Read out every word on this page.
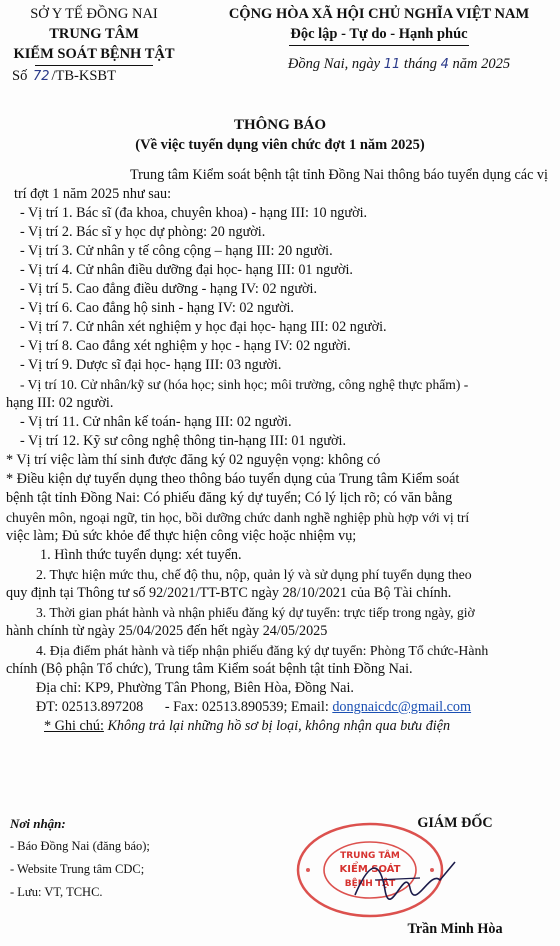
SỞ Y TẾ ĐỒNG NAI
TRUNG TÂM
KIỂM SOÁT BỆNH TẬT
Số 72 /TB-KSBT
CỘNG HÒA XÃ HỘI CHỦ NGHĨA VIỆT NAM
Độc lập - Tự do - Hạnh phúc
Đồng Nai, ngày 11 tháng 4 năm 2025
THÔNG BÁO
(Về việc tuyển dụng viên chức đợt 1 năm 2025)
Trung tâm Kiểm soát bệnh tật tỉnh Đồng Nai thông báo tuyển dụng các vị
trí đợt 1 năm 2025 như sau:
- Vị trí 1. Bác sĩ (đa khoa, chuyên khoa) - hạng III: 10 người.
- Vị trí 2. Bác sĩ y học dự phòng: 20 người.
- Vị trí 3. Cử nhân y tế công cộng – hạng III: 20 người.
- Vị trí 4. Cử nhân điều dưỡng đại học- hạng III: 01 người.
- Vị trí 5. Cao đẳng điều dưỡng - hạng IV: 02 người.
- Vị trí 6. Cao đẳng hộ sinh - hạng IV: 02 người.
- Vị trí 7. Cử nhân xét nghiệm y học đại học- hạng III: 02 người.
- Vị trí 8. Cao đẳng xét nghiệm y học - hạng IV: 02 người.
- Vị trí 9. Dược sĩ đại học- hạng III: 03 người.
- Vị trí 10. Cử nhân/kỹ sư (hóa học; sinh học; môi trường, công nghệ thực phẩm) -
hạng III: 02 người.
- Vị trí 11. Cử nhân kế toán- hạng III: 02 người.
- Vị trí 12. Kỹ sư công nghệ thông tin-hạng III: 01 người.
* Vị trí việc làm thí sinh được đăng ký 02 nguyện vọng: không có
* Điều kiện dự tuyển dụng theo thông báo tuyển dụng của Trung tâm Kiểm soát
bệnh tật tỉnh Đồng Nai: Có phiếu đăng ký dự tuyển; Có lý lịch rõ; có văn bằng
chuyên môn, ngoại ngữ, tin học, bồi dưỡng chức danh nghề nghiệp phù hợp với vị trí
việc làm; Đủ sức khỏe để thực hiện công việc hoặc nhiệm vụ;
1. Hình thức tuyển dụng: xét tuyển.
2. Thực hiện mức thu, chế độ thu, nộp, quản lý và sử dụng phí tuyển dụng theo
quy định tại Thông tư số 92/2021/TT-BTC ngày 28/10/2021 của Bộ Tài chính.
3. Thời gian phát hành và nhận phiếu đăng ký dự tuyển: trực tiếp trong ngày, giờ
hành chính từ ngày 25/04/2025 đến hết ngày 24/05/2025
4. Địa điểm phát hành và tiếp nhận phiếu đăng ký dự tuyển: Phòng Tổ chức-Hành
chính (Bộ phận Tổ chức), Trung tâm Kiểm soát bệnh tật tỉnh Đồng Nai.
Địa chỉ: KP9, Phường Tân Phong, Biên Hòa, Đồng Nai.
ĐT: 02513.897208 - Fax: 02513.890539; Email: dongnaicdc@gmail.com
* Ghi chú: Không trả lại những hồ sơ bị loại, không nhận qua bưu điện
Nơi nhận:
- Báo Đồng Nai (đăng báo);
- Website Trung tâm CDC;
- Lưu: VT, TCHC.
TRUNG TÂM
KIỂM SOÁT
BỆNH TẬT
GIÁM ĐỐC
Trần Minh Hòa
